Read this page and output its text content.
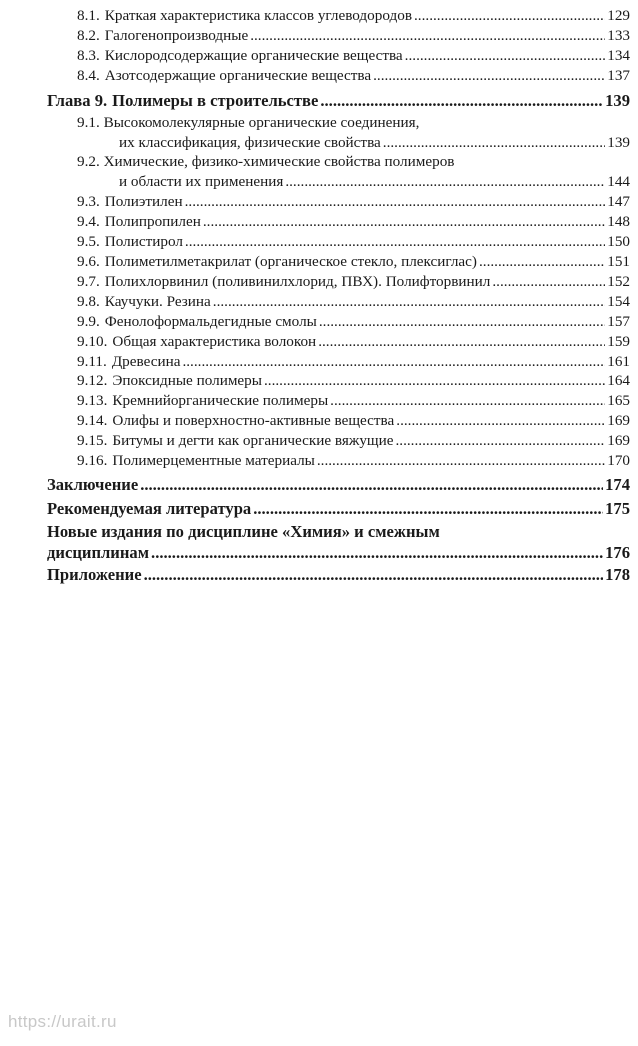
8.1. Краткая характеристика классов углеводородов .....	129
8.2. Галогенопроизводные .....	133
8.3. Кислородсодержащие органические вещества .....	134
8.4. Азотсодержащие органические вещества .....	137
Глава 9. Полимеры в строительстве .....	139
9.1. Высокомолекулярные органические соединения,
их классификация, физические свойства .....	139
9.2. Химические, физико-химические свойства полимеров
и области их применения .....	144
9.3. Полиэтилен .....	147
9.4. Полипропилен .....	148
9.5. Полистирол .....	150
9.6. Полиметилметакрилат (органическое стекло, плексиглас) .....	151
9.7. Полихлорвинил (поливинилхлорид, ПВХ). Полифторвинил .....	152
9.8. Каучуки. Резина .....	154
9.9. Фенолоформальдегидные смолы .....	157
9.10. Общая характеристика волокон .....	159
9.11. Древесина .....	161
9.12. Эпоксидные полимеры .....	164
9.13. Кремнийорганические полимеры .....	165
9.14. Олифы и поверхностно-активные вещества .....	169
9.15. Битумы и дегти как органические вяжущие .....	169
9.16. Полимерцементные материалы .....	170
Заключение .....	174
Рекомендуемая литература .....	175
Новые издания по дисциплине «Химия» и смежным
дисциплинам .....	176
Приложение .....	178
https://urait.ru
